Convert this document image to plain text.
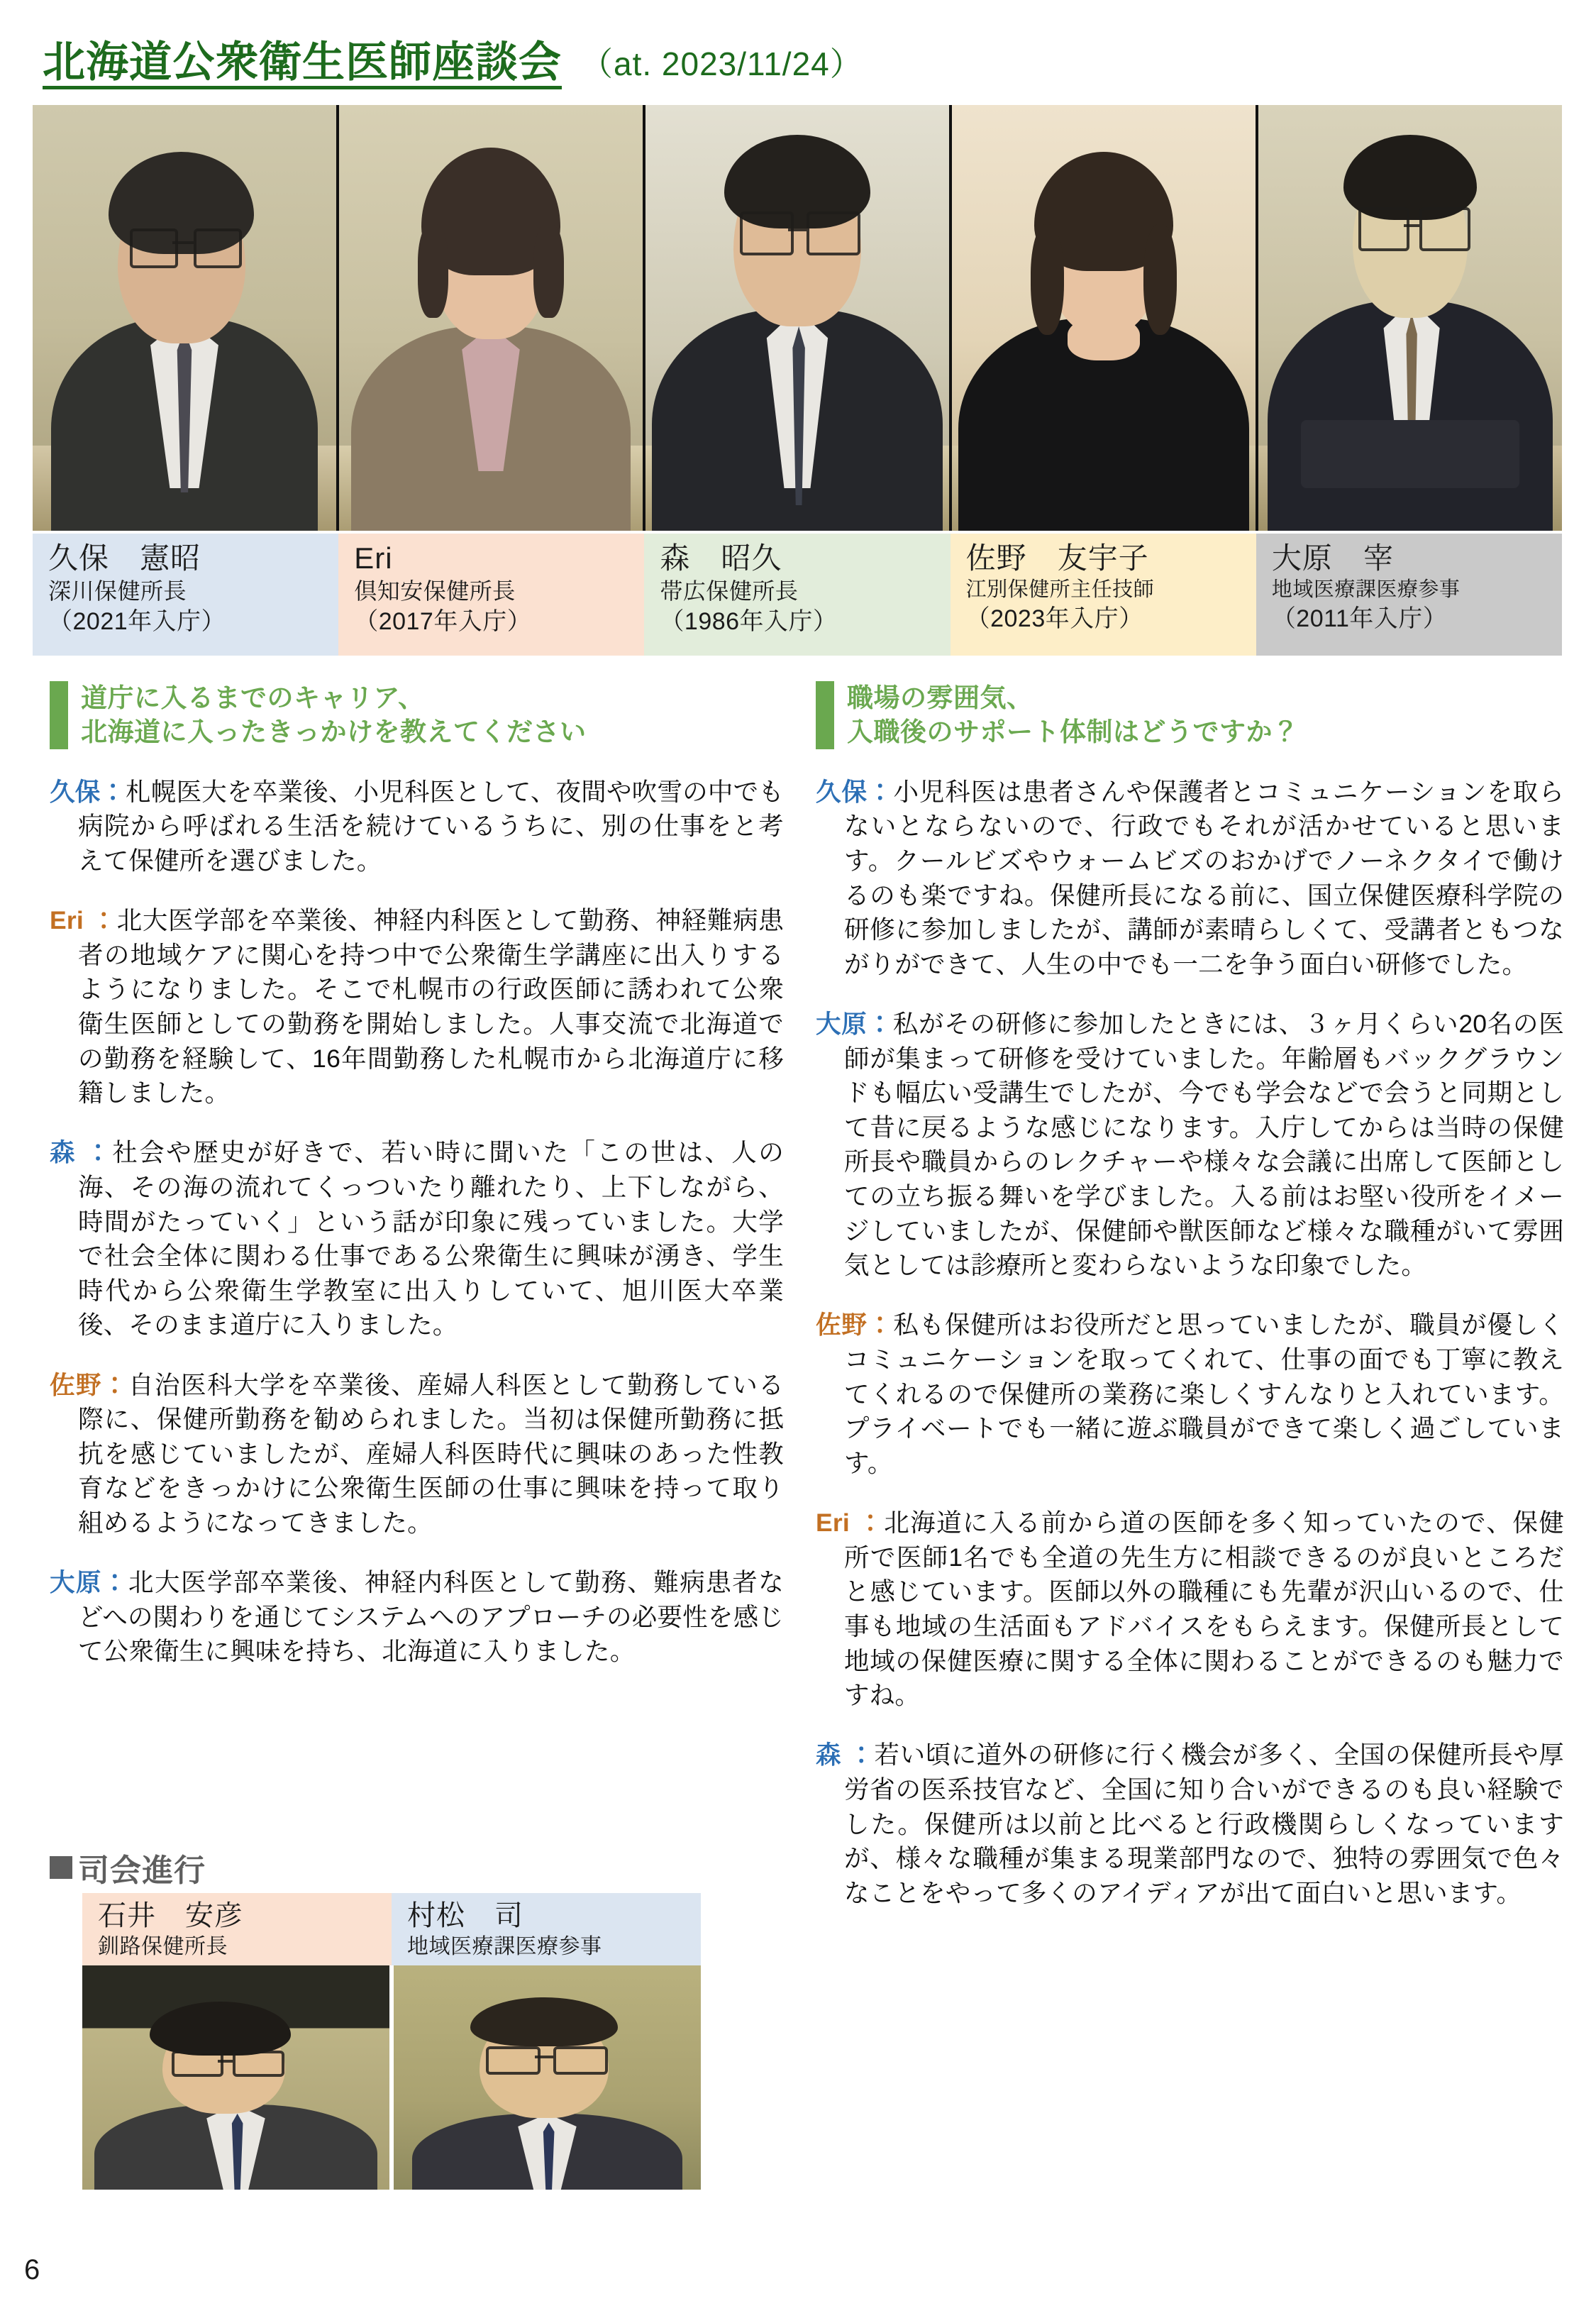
北海道公衆衛生医師座談会 （at. 2023/11/24）
久保　憲昭
深川保健所長
（2021年入庁）
Eri
倶知安保健所長
（2017年入庁）
森　昭久
帯広保健所長
（1986年入庁）
佐野　友宇子
江別保健所主任技師
（2023年入庁）
大原　宰
地域医療課医療参事
（2011年入庁）
道庁に入るまでのキャリア、
北海道に入ったきっかけを教えてください

久保：札幌医大を卒業後、小児科医として、夜間や吹雪の中でも病院から呼ばれる生活を続けているうちに、別の仕事をと考えて保健所を選びました。

Eri ：北大医学部を卒業後、神経内科医として勤務、神経難病患者の地域ケアに関心を持つ中で公衆衛生学講座に出入りするようになりました。そこで札幌市の行政医師に誘われて公衆衛生医師としての勤務を開始しました。人事交流で北海道での勤務を経験して、16年間勤務した札幌市から北海道庁に移籍しました。

森 ：社会や歴史が好きで、若い時に聞いた「この世は、人の海、その海の流れてくっついたり離れたり、上下しながら、時間がたっていく」という話が印象に残っていました。大学で社会全体に関わる仕事である公衆衛生に興味が湧き、学生時代から公衆衛生学教室に出入りしていて、旭川医大卒業後、そのまま道庁に入りました。

佐野：自治医科大学を卒業後、産婦人科医として勤務している際に、保健所勤務を勧められました。当初は保健所勤務に抵抗を感じていましたが、産婦人科医時代に興味のあった性教育などをきっかけに公衆衛生医師の仕事に興味を持って取り組めるようになってきました。

大原：北大医学部卒業後、神経内科医として勤務、難病患者などへの関わりを通じてシステムへのアプローチの必要性を感じて公衆衛生に興味を持ち、北海道に入りました。

司会進行
石井　安彦
釧路保健所長
村松　司
地域医療課医療参事
職場の雰囲気、
入職後のサポート体制はどうですか？

久保：小児科医は患者さんや保護者とコミュニケーションを取らないとならないので、行政でもそれが活かせていると思います。クールビズやウォームビズのおかげでノーネクタイで働けるのも楽ですね。保健所長になる前に、国立保健医療科学院の研修に参加しましたが、講師が素晴らしくて、受講者ともつながりができて、人生の中でも一二を争う面白い研修でした。

大原：私がその研修に参加したときには、３ヶ月くらい20名の医師が集まって研修を受けていました。年齢層もバックグラウンドも幅広い受講生でしたが、今でも学会などで会うと同期として昔に戻るような感じになります。入庁してからは当時の保健所長や職員からのレクチャーや様々な会議に出席して医師としての立ち振る舞いを学びました。入る前はお堅い役所をイメージしていましたが、保健師や獣医師など様々な職種がいて雰囲気としては診療所と変わらないような印象でした。

佐野：私も保健所はお役所だと思っていましたが、職員が優しくコミュニケーションを取ってくれて、仕事の面でも丁寧に教えてくれるので保健所の業務に楽しくすんなりと入れています。プライベートでも一緒に遊ぶ職員ができて楽しく過ごしています。

Eri ：北海道に入る前から道の医師を多く知っていたので、保健所で医師1名でも全道の先生方に相談できるのが良いところだと感じています。医師以外の職種にも先輩が沢山いるので、仕事も地域の生活面もアドバイスをもらえます。保健所長として地域の保健医療に関する全体に関わることができるのも魅力ですね。

森 ：若い頃に道外の研修に行く機会が多く、全国の保健所長や厚労省の医系技官など、全国に知り合いができるのも良い経験でした。保健所は以前と比べると行政機関らしくなっていますが、様々な職種が集まる現業部門なので、独特の雰囲気で色々なことをやって多くのアイディアが出て面白いと思います。

6
